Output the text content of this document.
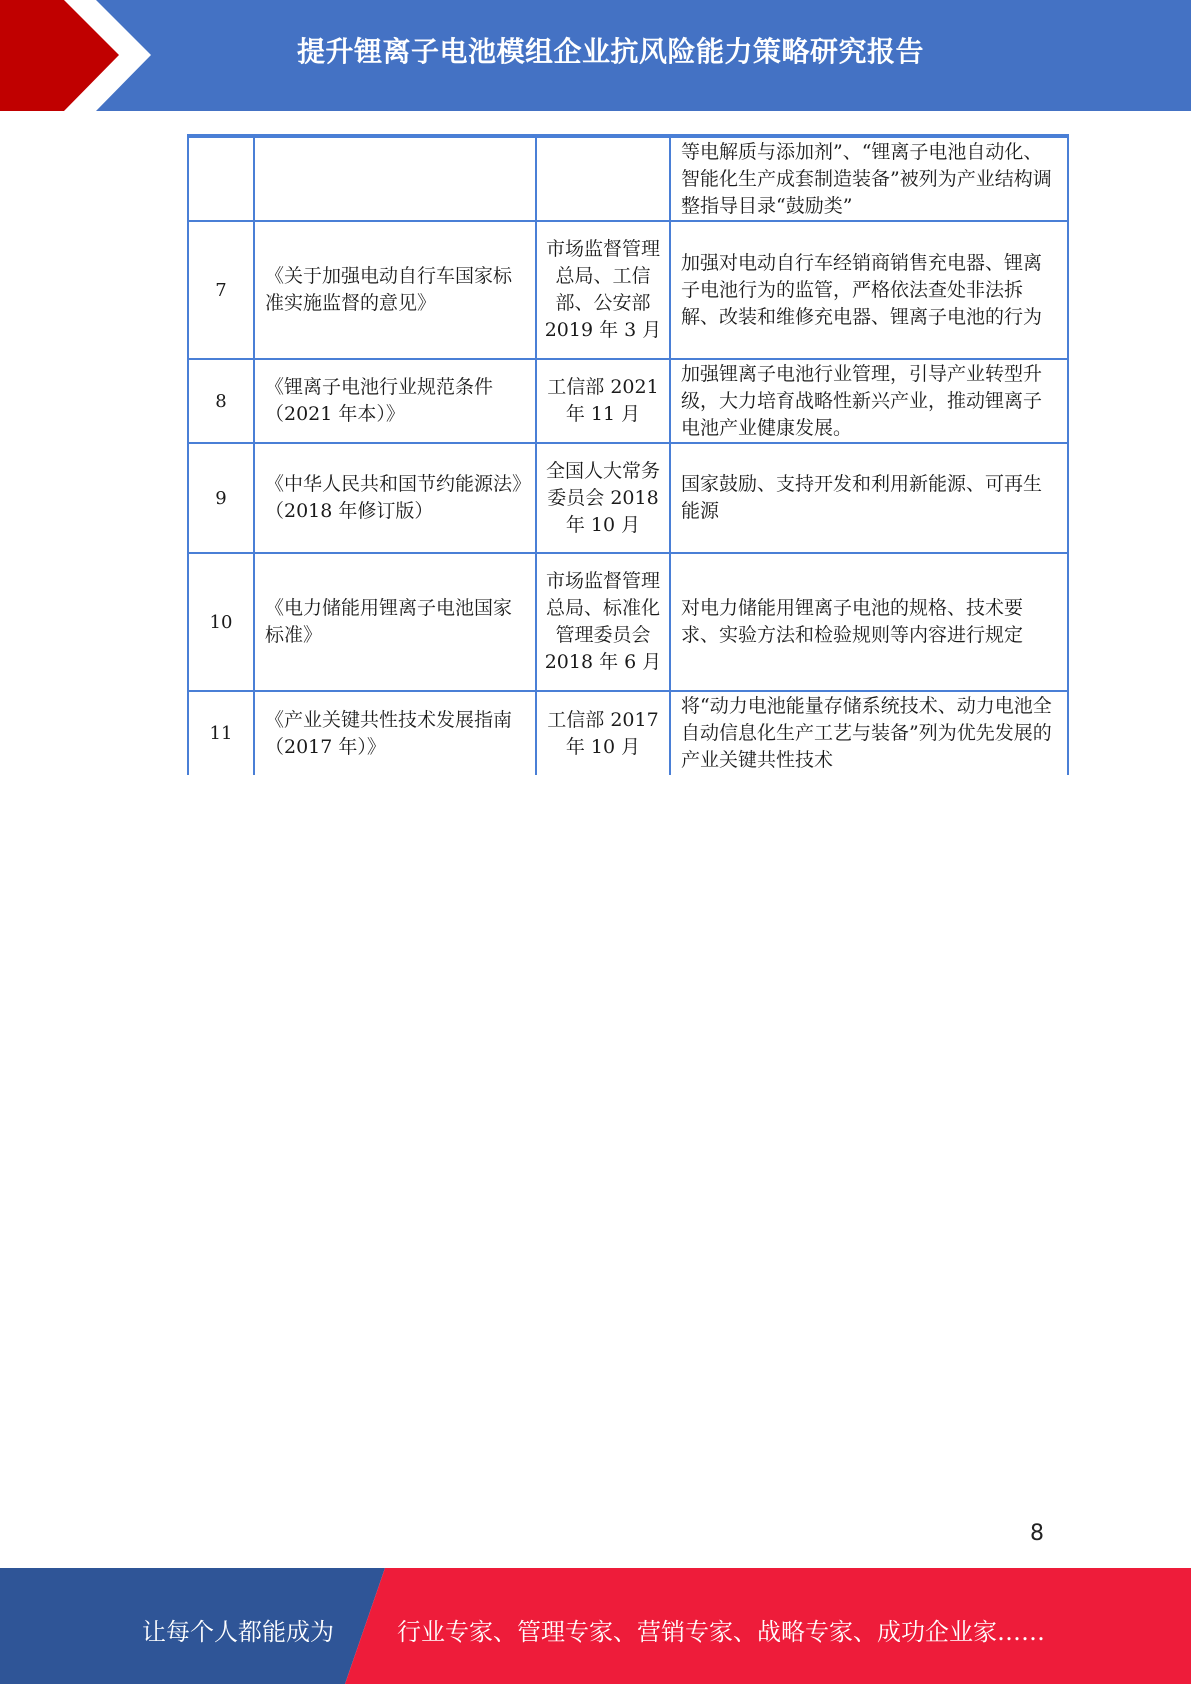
提升锂离子电池模组企业抗风险能力策略研究报告
			等电解质与添加剂”、“锂离子电池自动化、智能化生产成套制造装备”被列为产业结构调整指导目录“鼓励类”
7	《关于加强电动自行车国家标准实施监督的意见》	市场监督管理总局、工信部、公安部 2019 年 3 月	加强对电动自行车经销商销售充电器、锂离子电池行为的监管，严格依法查处非法拆解、改装和维修充电器、锂离子电池的行为
8	《锂离子电池行业规范条件（2021 年本）》	工信部 2021 年 11 月	加强锂离子电池行业管理，引导产业转型升级，大力培育战略性新兴产业，推动锂离子电池产业健康发展。
9	《中华人民共和国节约能源法》（2018 年修订版）	全国人大常务委员会 2018 年 10 月	国家鼓励、支持开发和利用新能源、可再生能源
10	《电力储能用锂离子电池国家标准》	市场监督管理总局、标准化管理委员会 2018 年 6 月	对电力储能用锂离子电池的规格、技术要求、实验方法和检验规则等内容进行规定
11	《产业关键共性技术发展指南（2017 年）》	工信部 2017 年 10 月	将“动力电池能量存储系统技术、动力电池全自动信息化生产工艺与装备”列为优先发展的产业关键共性技术
8
让每个人都能成为	行业专家、管理专家、营销专家、战略专家、成功企业家……
